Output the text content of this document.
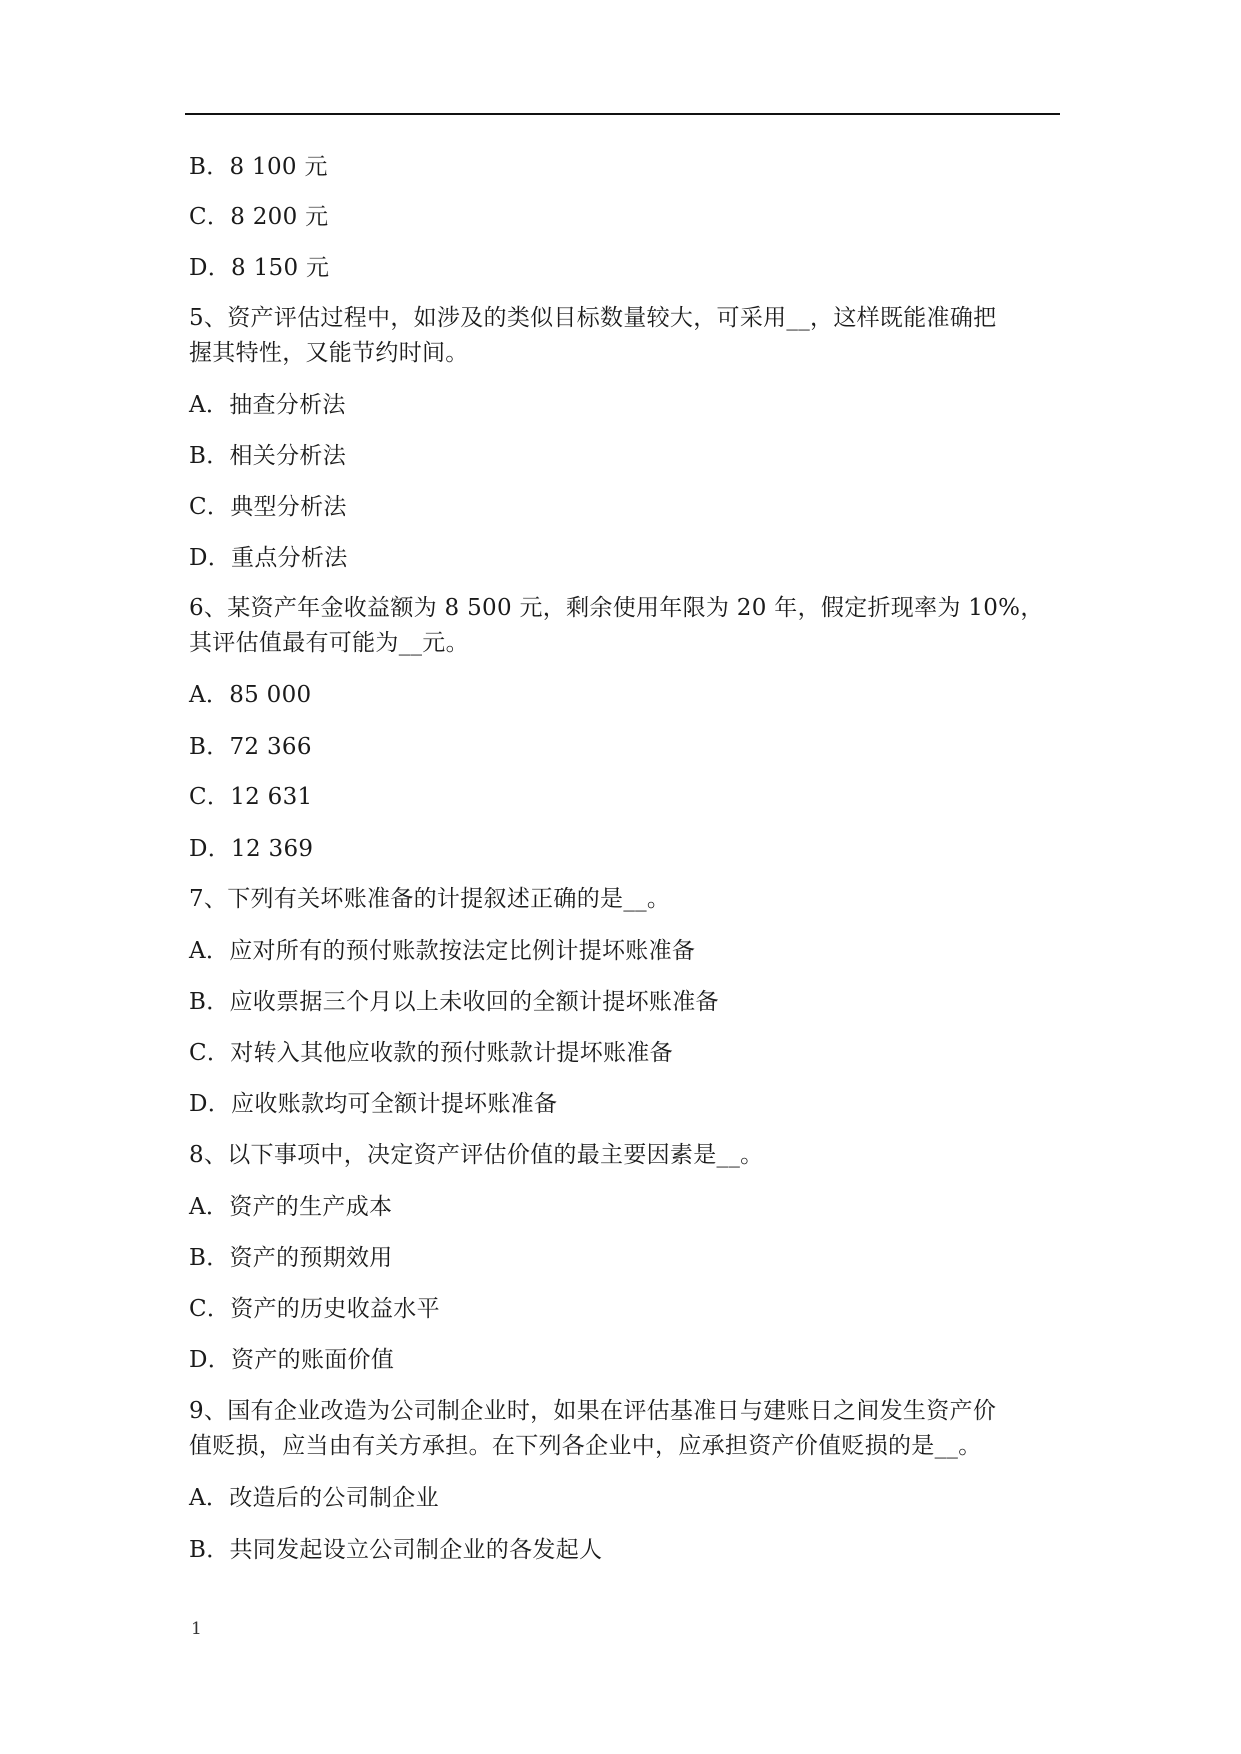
B．8 100 元
C．8 200 元
D．8 150 元
5、资产评估过程中，如涉及的类似目标数量较大，可采用__，这样既能准确把
握其特性，又能节约时间。
A．抽查分析法
B．相关分析法
C．典型分析法
D．重点分析法
6、某资产年金收益额为 8 500 元，剩余使用年限为 20 年，假定折现率为 10%，
其评估值最有可能为__元。
A．85 000
B．72 366
C．12 631
D．12 369
7、下列有关坏账准备的计提叙述正确的是__。
A．应对所有的预付账款按法定比例计提坏账准备
B．应收票据三个月以上未收回的全额计提坏账准备
C．对转入其他应收款的预付账款计提坏账准备
D．应收账款均可全额计提坏账准备
8、以下事项中，决定资产评估价值的最主要因素是__。
A．资产的生产成本
B．资产的预期效用
C．资产的历史收益水平
D．资产的账面价值
9、国有企业改造为公司制企业时，如果在评估基准日与建账日之间发生资产价
值贬损，应当由有关方承担。在下列各企业中，应承担资产价值贬损的是__。
A．改造后的公司制企业
B．共同发起设立公司制企业的各发起人
1
